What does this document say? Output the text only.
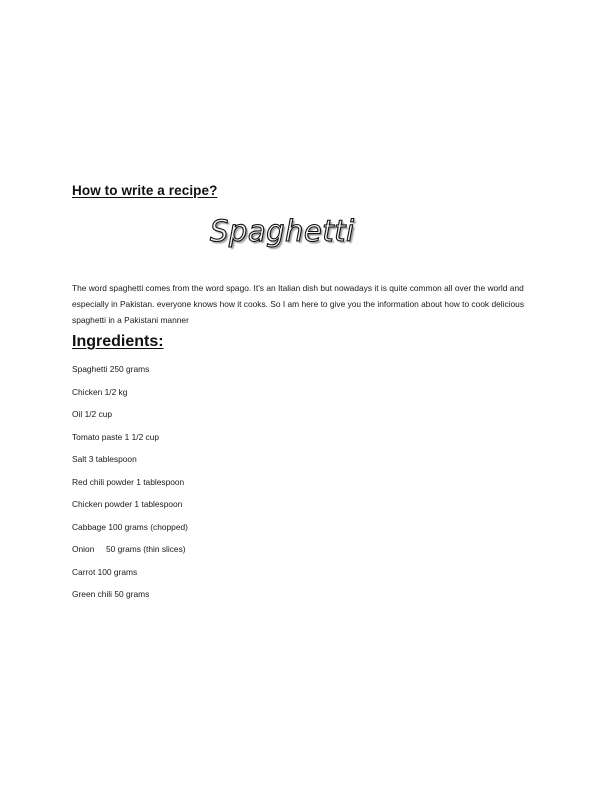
How to write a recipe?
Spaghetti

The word spaghetti comes from the word spago. It's an Italian dish but nowadays it is quite common all over the world and especially in Pakistan. everyone knows how it cooks. So I am here to give you the information about how to cook delicious spaghetti in a Pakistani manner

Ingredients:
Spaghetti 250 grams
Chicken 1/2 kg
Oil 1/2 cup
Tomato paste 1 1/2 cup
Salt 3 tablespoon
Red chili powder 1 tablespoon
Chicken powder 1 tablespoon
Cabbage 100 grams (chopped)
Onion     50 grams (thin slices)
Carrot 100 grams
Green chili 50 grams
